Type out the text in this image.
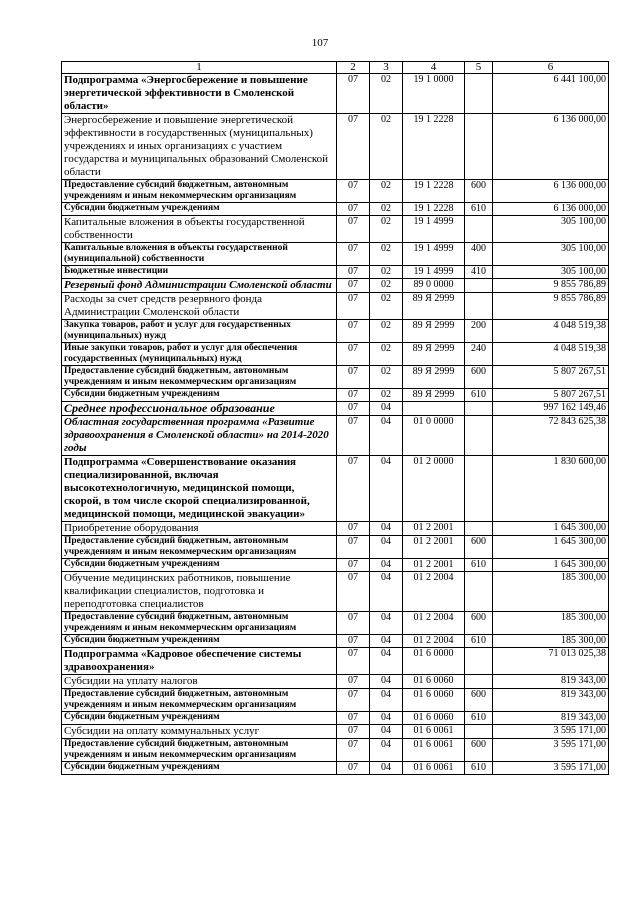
107
1	2	3	4	5	6
Подпрограмма «Энергосбережение и повышение энергетической эффективности в Смоленской области»	07	02	19 1 0000		6 441 100,00
Энергосбережение и повышение энергетической эффективности в государственных (муниципальных) учреждениях и иных организациях с участием государства и муниципальных образований Смоленской области	07	02	19 1 2228		6 136 000,00
Предоставление субсидий бюджетным, автономным учреждениям и иным некоммерческим организациям	07	02	19 1 2228	600	6 136 000,00
Субсидии бюджетным учреждениям	07	02	19 1 2228	610	6 136 000,00
Капитальные вложения в объекты государственной собственности	07	02	19 1 4999		305 100,00
Капитальные вложения в объекты государственной (муниципальной) собственности	07	02	19 1 4999	400	305 100,00
Бюджетные инвестиции	07	02	19 1 4999	410	305 100,00
Резервный фонд Администрации Смоленской области	07	02	89 0 0000		9 855 786,89
Расходы за счет средств резервного фонда Администрации Смоленской области	07	02	89 Я 2999		9 855 786,89
Закупка товаров, работ и услуг для государственных (муниципальных) нужд	07	02	89 Я 2999	200	4 048 519,38
Иные закупки товаров, работ и услуг для обеспечения государственных (муниципальных) нужд	07	02	89 Я 2999	240	4 048 519,38
Предоставление субсидий бюджетным, автономным учреждениям и иным некоммерческим организациям	07	02	89 Я 2999	600	5 807 267,51
Субсидии бюджетным учреждениям	07	02	89 Я 2999	610	5 807 267,51
Среднее профессиональное образование	07	04			997 162 149,46
Областная государственная программа «Развитие здравоохранения в Смоленской области» на 2014-2020 годы	07	04	01 0 0000		72 843 625,38
Подпрограмма «Совершенствование оказания специализированной, включая высокотехнологичную, медицинской помощи, скорой, в том числе скорой специализированной, медицинской помощи, медицинской эвакуации»	07	04	01 2 0000		1 830 600,00
Приобретение оборудования	07	04	01 2 2001		1 645 300,00
Предоставление субсидий бюджетным, автономным учреждениям и иным некоммерческим организациям	07	04	01 2 2001	600	1 645 300,00
Субсидии бюджетным учреждениям	07	04	01 2 2001	610	1 645 300,00
Обучение медицинских работников, повышение квалификации специалистов, подготовка и переподготовка специалистов	07	04	01 2 2004		185 300,00
Предоставление субсидий бюджетным, автономным учреждениям и иным некоммерческим организациям	07	04	01 2 2004	600	185 300,00
Субсидии бюджетным учреждениям	07	04	01 2 2004	610	185 300,00
Подпрограмма «Кадровое обеспечение системы здравоохранения»	07	04	01 6 0000		71 013 025,38
Субсидии на уплату налогов	07	04	01 6 0060		819 343,00
Предоставление субсидий бюджетным, автономным учреждениям и иным некоммерческим организациям	07	04	01 6 0060	600	819 343,00
Субсидии бюджетным учреждениям	07	04	01 6 0060	610	819 343,00
Субсидии на оплату коммунальных услуг	07	04	01 6 0061		3 595 171,00
Предоставление субсидий бюджетным, автономным учреждениям и иным некоммерческим организациям	07	04	01 6 0061	600	3 595 171,00
Субсидии бюджетным учреждениям	07	04	01 6 0061	610	3 595 171,00
